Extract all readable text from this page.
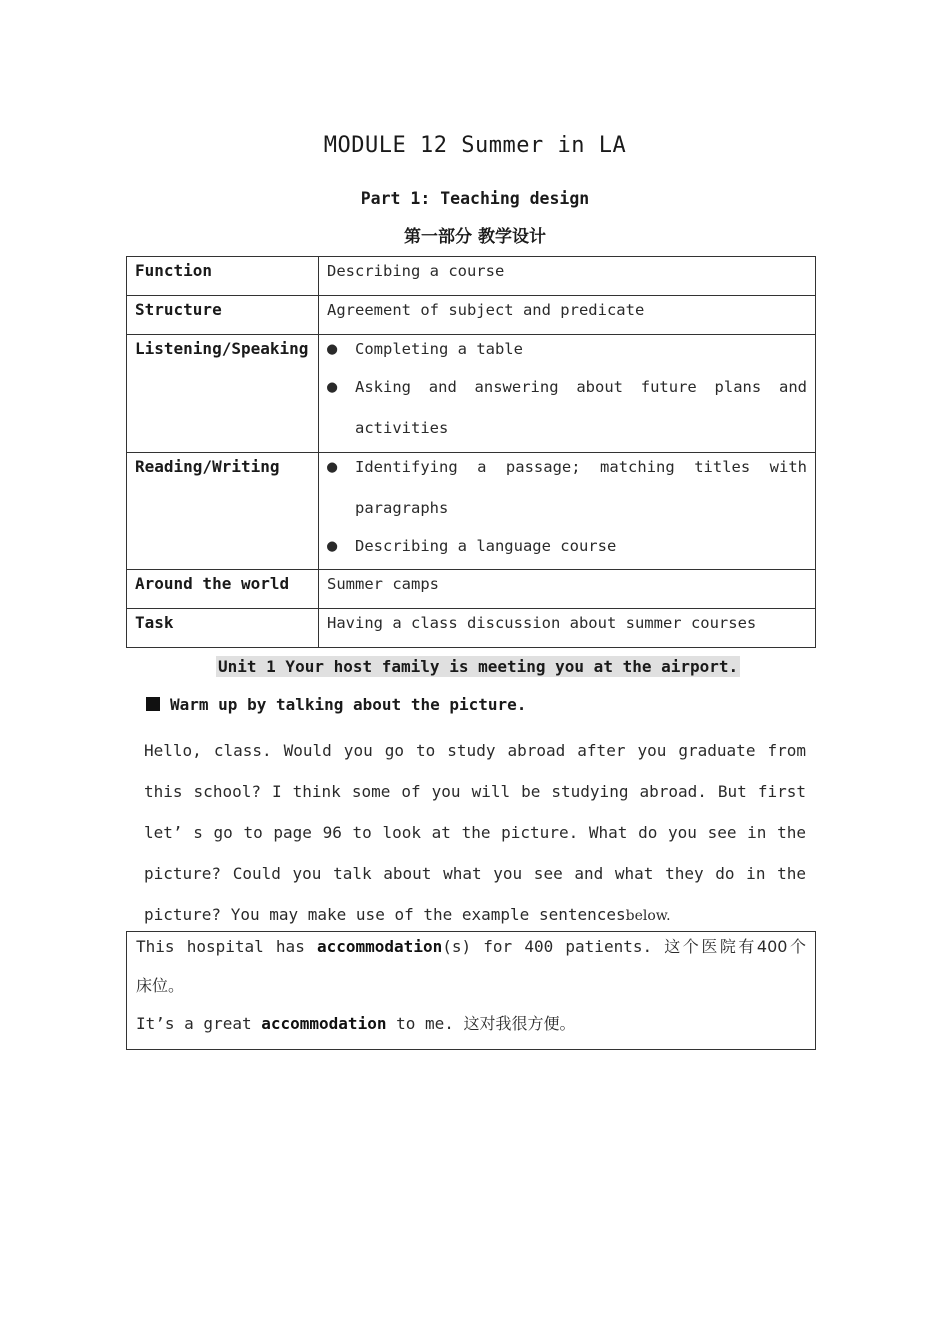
MODULE 12 Summer in LA
Part 1: Teaching design
第一部分 教学设计
Function	Describing a course
Structure	Agreement of subject and predicate
Listening/Speaking	● Completing a table
● Asking and answering about future plans and
activities

Reading/Writing	● Identifying a passage; matching titles with
paragraphs
● Describing a language course

Around the world	Summer camps
Task	Having a class discussion about summer courses
Unit 1 Your host family is meeting you at the airport.
Warm up by talking about the picture.
Hello, class. Would you go to study abroad after you graduate from
this school? I think some of you will be studying abroad. But first
let’ s go to page 96 to look at the picture. What do you see in the
picture? Could you talk about what you see and what they do in the
picture? You may make use of the example sentencesbelow.
This hospital has accommodation(s) for 400 patients. 这个医院有400个
床位。
It’s a great accommodation to me. 这对我很方便。
